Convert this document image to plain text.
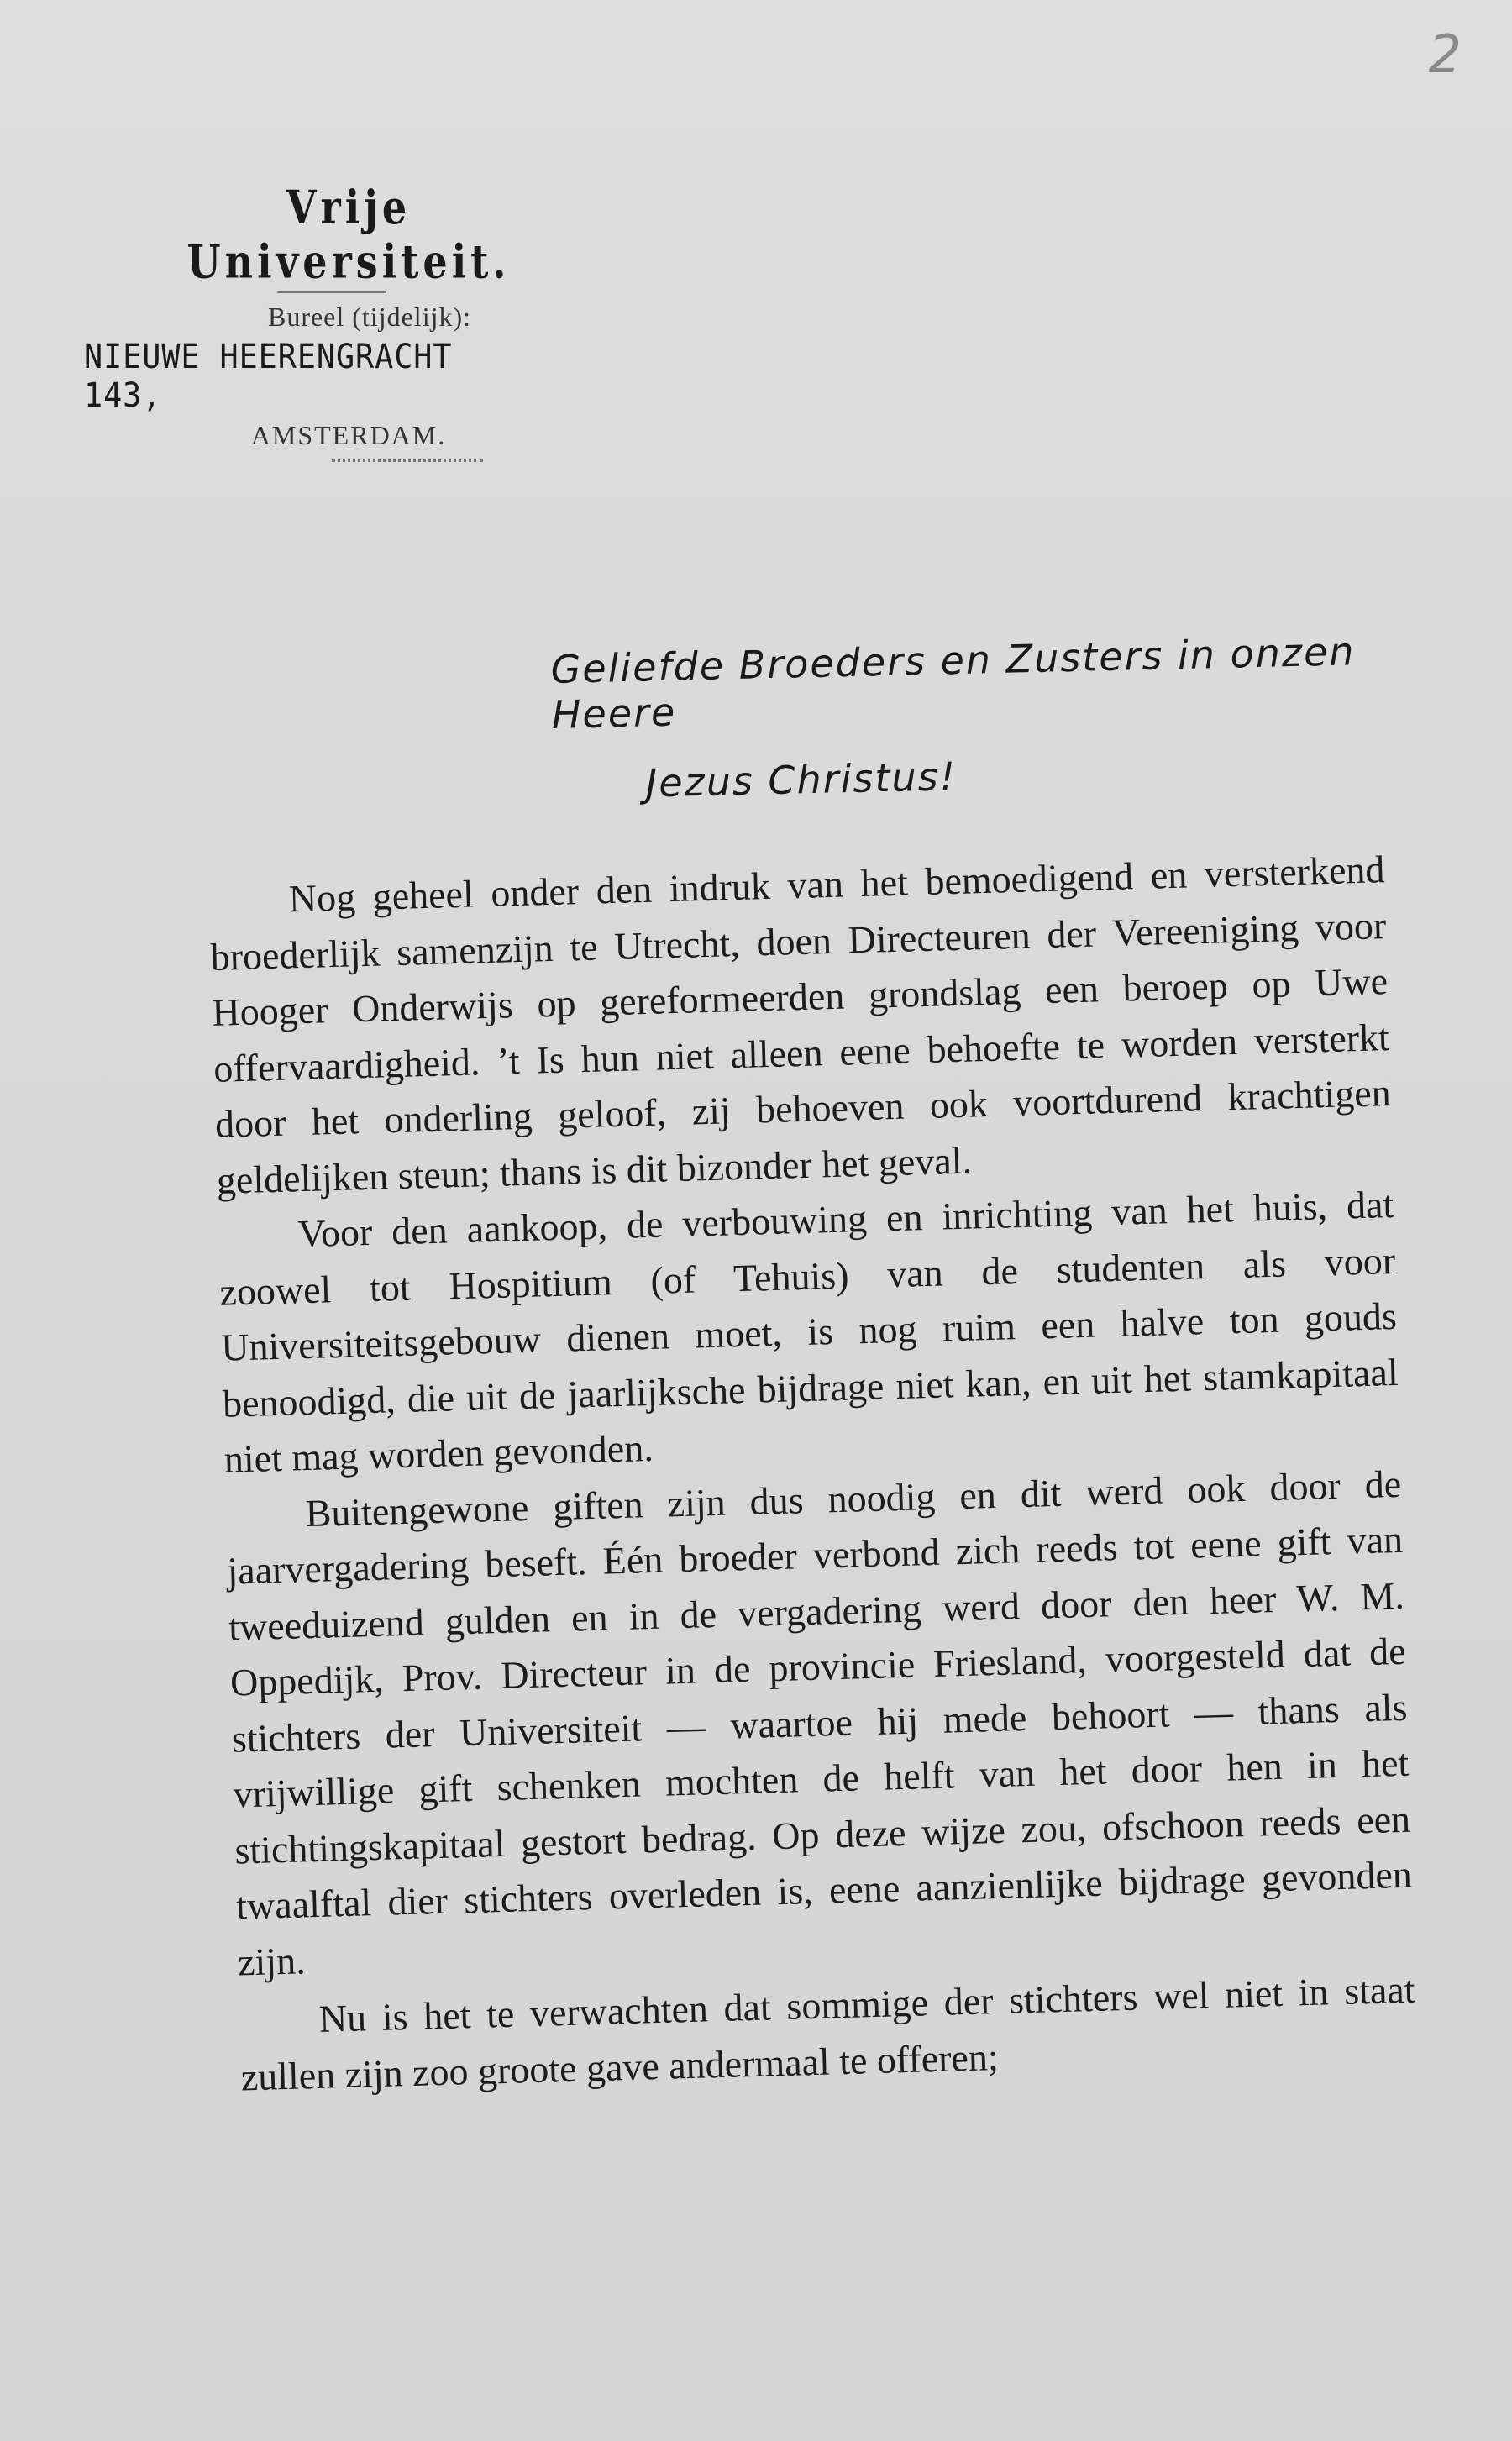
2
Vrije Universiteit.
Bureel (tijdelijk):
NIEUWE HEERENGRACHT 143,
AMSTERDAM.
Geliefde Broeders en Zusters in onzen Heere
Jezus Christus!

Nog geheel onder den indruk van het bemoedigend en versterkend broederlijk samenzijn te Utrecht, doen Directeuren der Vereeniging voor Hooger Onderwijs op gereformeerden grondslag een beroep op Uwe offervaardigheid. ’t Is hun niet alleen eene behoefte te worden versterkt door het onderling geloof, zij behoeven ook voortdurend krachtigen geldelijken steun; thans is dit bizonder het geval.

Voor den aankoop, de verbouwing en inrichting van het huis, dat zoowel tot Hospitium (of Tehuis) van de studenten als voor Universiteitsgebouw dienen moet, is nog ruim een halve ton gouds benoodigd, die uit de jaarlijksche bijdrage niet kan, en uit het stamkapitaal niet mag worden gevonden.

Buitengewone giften zijn dus noodig en dit werd ook door de jaarvergadering beseft. Één broeder verbond zich reeds tot eene gift van tweeduizend gulden en in de vergadering werd door den heer W. M. Oppedijk, Prov. Directeur in de provincie Friesland, voorgesteld dat de stichters der Universiteit — waartoe hij mede behoort — thans als vrijwillige gift schenken mochten de helft van het door hen in het stichtingskapitaal gestort bedrag. Op deze wijze zou, ofschoon reeds een twaalftal dier stichters overleden is, eene aanzienlijke bijdrage gevonden zijn.

Nu is het te verwachten dat sommige der stichters wel niet in staat zullen zijn zoo groote gave andermaal te offeren;
